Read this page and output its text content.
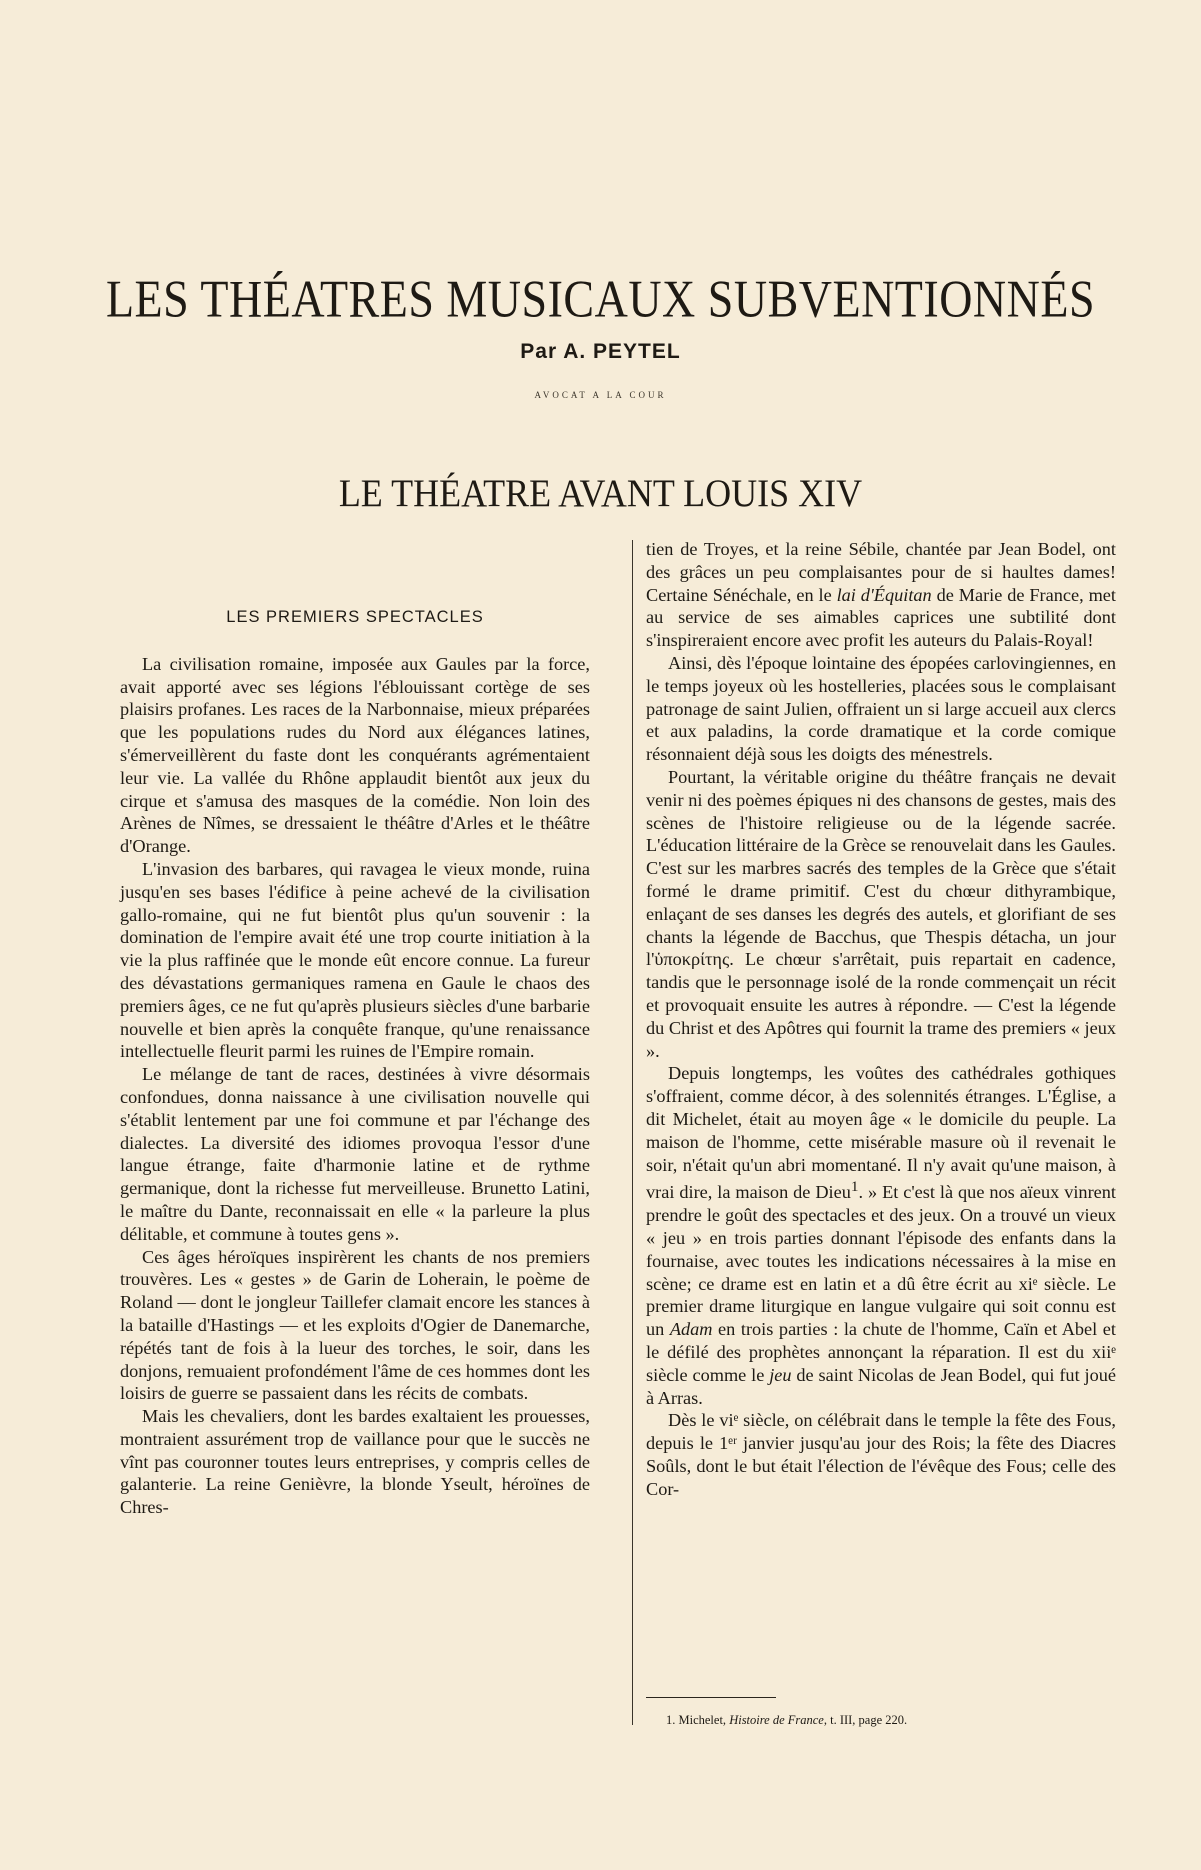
LES THÉATRES MUSICAUX SUBVENTIONNÉS
Par A. PEYTEL
AVOCAT A LA COUR
LE THÉATRE AVANT LOUIS XIV
LES PREMIERS SPECTACLES

La civilisation romaine, imposée aux Gaules par la force, avait apporté avec ses légions l'éblouissant cortège de ses plaisirs profanes. Les races de la Narbonnaise, mieux préparées que les populations rudes du Nord aux élégances latines, s'émerveillèrent du faste dont les conquérants agrémentaient leur vie. La vallée du Rhône applaudit bientôt aux jeux du cirque et s'amusa des masques de la comédie. Non loin des Arènes de Nîmes, se dressaient le théâtre d'Arles et le théâtre d'Orange.

L'invasion des barbares, qui ravagea le vieux monde, ruina jusqu'en ses bases l'édifice à peine achevé de la civilisation gallo-romaine, qui ne fut bientôt plus qu'un souvenir : la domination de l'empire avait été une trop courte initiation à la vie la plus raffinée que le monde eût encore connue. La fureur des dévastations germaniques ramena en Gaule le chaos des premiers âges, ce ne fut qu'après plusieurs siècles d'une barbarie nouvelle et bien après la conquête franque, qu'une renaissance intellectuelle fleurit parmi les ruines de l'Empire romain.

Le mélange de tant de races, destinées à vivre désormais confondues, donna naissance à une civilisation nouvelle qui s'établit lentement par une foi commune et par l'échange des dialectes. La diversité des idiomes provoqua l'essor d'une langue étrange, faite d'harmonie latine et de rythme germanique, dont la richesse fut merveilleuse. Brunetto Latini, le maître du Dante, reconnaissait en elle « la parleure la plus délitable, et commune à toutes gens ».

Ces âges héroïques inspirèrent les chants de nos premiers trouvères. Les « gestes » de Garin de Loherain, le poème de Roland — dont le jongleur Taillefer clamait encore les stances à la bataille d'Hastings — et les exploits d'Ogier de Danemarche, répétés tant de fois à la lueur des torches, le soir, dans les donjons, remuaient profondément l'âme de ces hommes dont les loisirs de guerre se passaient dans les récits de combats.

Mais les chevaliers, dont les bardes exaltaient les prouesses, montraient assurément trop de vaillance pour que le succès ne vînt pas couronner toutes leurs entreprises, y compris celles de galanterie. La reine Genièvre, la blonde Yseult, héroïnes de Chres-

tien de Troyes, et la reine Sébile, chantée par Jean Bodel, ont des grâces un peu complaisantes pour de si haultes dames! Certaine Sénéchale, en le lai d'Équitan de Marie de France, met au service de ses aimables caprices une subtilité dont s'inspireraient encore avec profit les auteurs du Palais-Royal!

Ainsi, dès l'époque lointaine des épopées carlovingiennes, en le temps joyeux où les hostelleries, placées sous le complaisant patronage de saint Julien, offraient un si large accueil aux clercs et aux paladins, la corde dramatique et la corde comique résonnaient déjà sous les doigts des ménestrels.

Pourtant, la véritable origine du théâtre français ne devait venir ni des poèmes épiques ni des chansons de gestes, mais des scènes de l'histoire religieuse ou de la légende sacrée. L'éducation littéraire de la Grèce se renouvelait dans les Gaules. C'est sur les marbres sacrés des temples de la Grèce que s'était formé le drame primitif. C'est du chœur dithyrambique, enlaçant de ses danses les degrés des autels, et glorifiant de ses chants la légende de Bacchus, que Thespis détacha, un jour l'ὑποκρίτης. Le chœur s'arrêtait, puis repartait en cadence, tandis que le personnage isolé de la ronde commençait un récit et provoquait ensuite les autres à répondre. — C'est la légende du Christ et des Apôtres qui fournit la trame des premiers « jeux ».

Depuis longtemps, les voûtes des cathédrales gothiques s'offraient, comme décor, à des solennités étranges. L'Église, a dit Michelet, était au moyen âge « le domicile du peuple. La maison de l'homme, cette misérable masure où il revenait le soir, n'était qu'un abri momentané. Il n'y avait qu'une maison, à vrai dire, la maison de Dieu$^1$. » Et c'est là que nos aïeux vinrent prendre le goût des spectacles et des jeux. On a trouvé un vieux « jeu » en trois parties donnant l'épisode des enfants dans la fournaise, avec toutes les indications nécessaires à la mise en scène; ce drame est en latin et a dû être écrit au xiᵉ siècle. Le premier drame liturgique en langue vulgaire qui soit connu est un Adam en trois parties : la chute de l'homme, Caïn et Abel et le défilé des prophètes annonçant la réparation. Il est du xiiᵉ siècle comme le jeu de saint Nicolas de Jean Bodel, qui fut joué à Arras.

Dès le viᵉ siècle, on célébrait dans le temple la fête des Fous, depuis le 1ᵉʳ janvier jusqu'au jour des Rois; la fête des Diacres Soûls, dont le but était l'élection de l'évêque des Fous; celle des Cor-

1. Michelet, Histoire de France, t. III, page 220.
